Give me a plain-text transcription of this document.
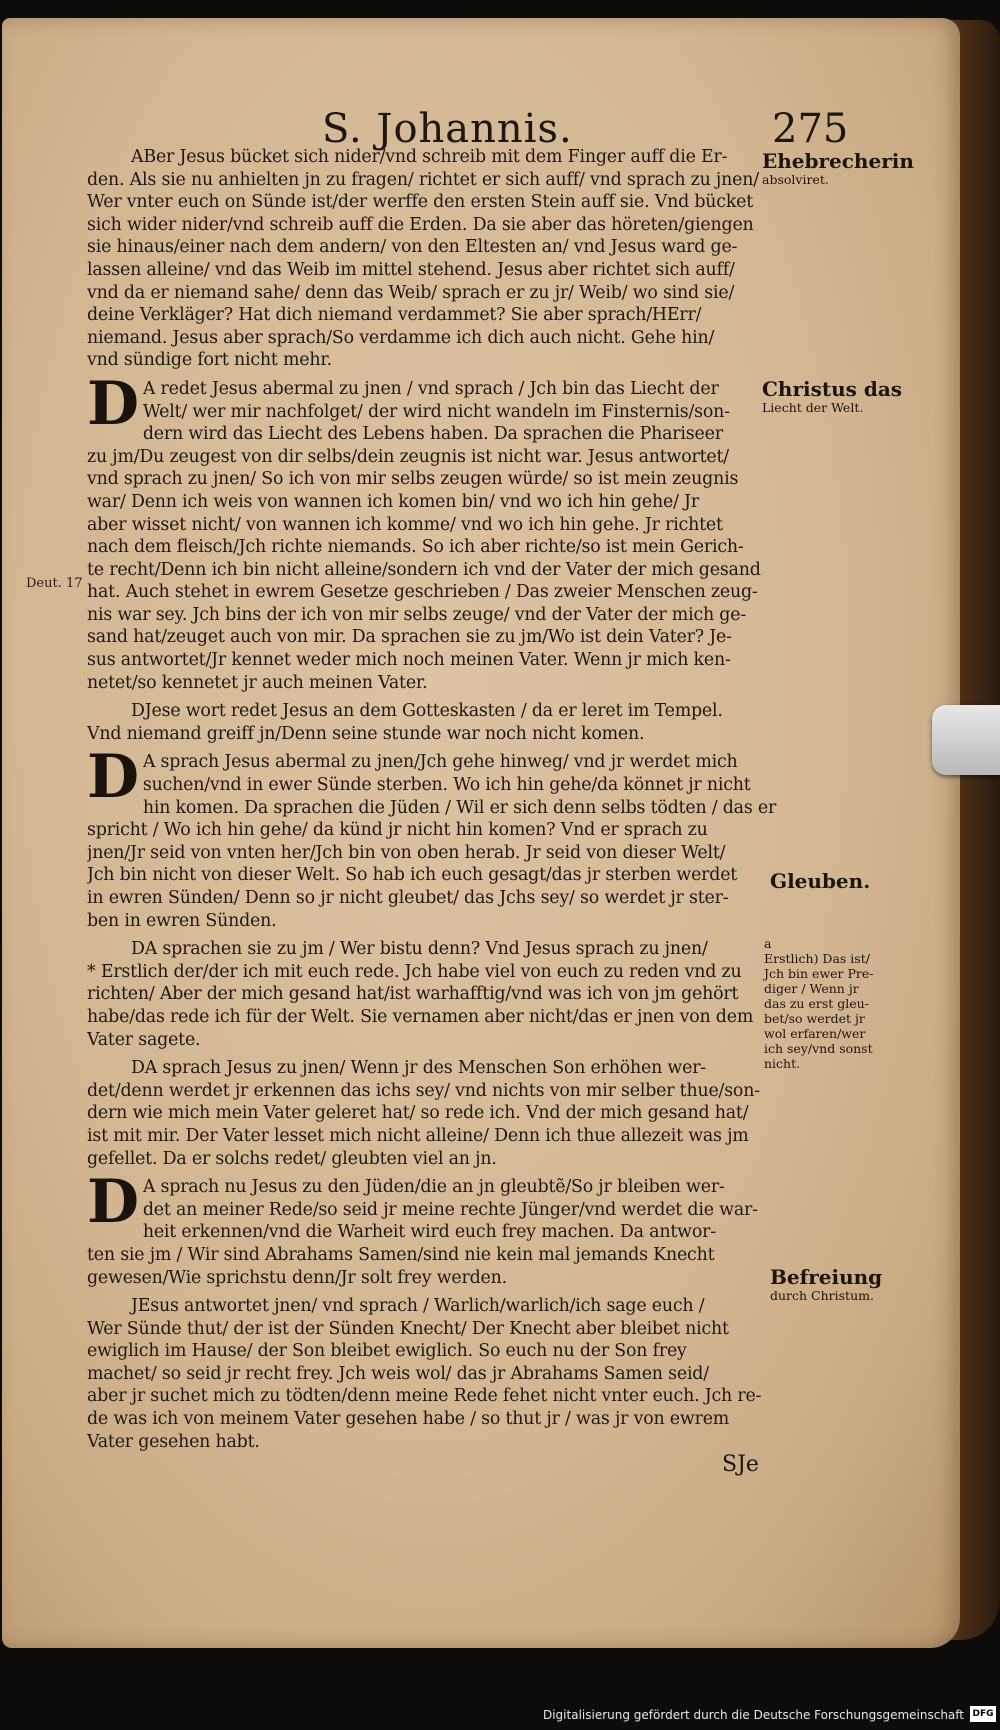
S. Johannis.	275
Deut. 17
ABer Jesus bücket sich nider/vnd schreib mit dem Finger auff die Er-
den. Als sie nu anhielten jn zu fragen/ richtet er sich auff/ vnd sprach zu jnen/
Wer vnter euch on Sünde ist/der werffe den ersten Stein auff sie. Vnd bücket
sich wider nider/vnd schreib auff die Erden. Da sie aber das höreten/giengen
sie hinaus/einer nach dem andern/ von den Eltesten an/ vnd Jesus ward ge-
lassen alleine/ vnd das Weib im mittel stehend. Jesus aber richtet sich auff/
vnd da er niemand sahe/ denn das Weib/ sprach er zu jr/ Weib/ wo sind sie/
deine Verkläger? Hat dich niemand verdammet? Sie aber sprach/HErr/
niemand. Jesus aber sprach/So verdamme ich dich auch nicht. Gehe hin/
vnd sündige fort nicht mehr.
D A redet Jesus abermal zu jnen / vnd sprach / Jch bin das Liecht der
Welt/ wer mir nachfolget/ der wird nicht wandeln im Finsternis/son-
dern wird das Liecht des Lebens haben. Da sprachen die Phariseer
zu jm/Du zeugest von dir selbs/dein zeugnis ist nicht war. Jesus antwortet/
vnd sprach zu jnen/ So ich von mir selbs zeugen würde/ so ist mein zeugnis
war/ Denn ich weis von wannen ich komen bin/ vnd wo ich hin gehe/ Jr
aber wisset nicht/ von wannen ich komme/ vnd wo ich hin gehe. Jr richtet
nach dem fleisch/Jch richte niemands. So ich aber richte/so ist mein Gerich-
te recht/Denn ich bin nicht alleine/sondern ich vnd der Vater der mich gesand
hat. Auch stehet in ewrem Gesetze geschrieben / Das zweier Menschen zeug-
nis war sey. Jch bins der ich von mir selbs zeuge/ vnd der Vater der mich ge-
sand hat/zeuget auch von mir. Da sprachen sie zu jm/Wo ist dein Vater? Je-
sus antwortet/Jr kennet weder mich noch meinen Vater. Wenn jr mich ken-
netet/so kennetet jr auch meinen Vater.
DJese wort redet Jesus an dem Gotteskasten / da er leret im Tempel.
Vnd niemand greiff jn/Denn seine stunde war noch nicht komen.
D A sprach Jesus abermal zu jnen/Jch gehe hinweg/ vnd jr werdet mich
suchen/vnd in ewer Sünde sterben. Wo ich hin gehe/da könnet jr nicht
hin komen. Da sprachen die Jüden / Wil er sich denn selbs tödten / das er
spricht / Wo ich hin gehe/ da künd jr nicht hin komen? Vnd er sprach zu
jnen/Jr seid von vnten her/Jch bin von oben herab. Jr seid von dieser Welt/
Jch bin nicht von dieser Welt. So hab ich euch gesagt/das jr sterben werdet
in ewren Sünden/ Denn so jr nicht gleubet/ das Jchs sey/ so werdet jr ster-
ben in ewren Sünden.
DA sprachen sie zu jm / Wer bistu denn? Vnd Jesus sprach zu jnen/
* Erstlich der/der ich mit euch rede. Jch habe viel von euch zu reden vnd zu
richten/ Aber der mich gesand hat/ist warhafftig/vnd was ich von jm gehört
habe/das rede ich für der Welt. Sie vernamen aber nicht/das er jnen von dem
Vater sagete.
DA sprach Jesus zu jnen/ Wenn jr des Menschen Son erhöhen wer-
det/denn werdet jr erkennen das ichs sey/ vnd nichts von mir selber thue/son-
dern wie mich mein Vater geleret hat/ so rede ich. Vnd der mich gesand hat/
ist mit mir. Der Vater lesset mich nicht alleine/ Denn ich thue allezeit was jm
gefellet. Da er solchs redet/ gleubten viel an jn.
D A sprach nu Jesus zu den Jüden/die an jn gleubtẽ/So jr bleiben wer-
det an meiner Rede/so seid jr meine rechte Jünger/vnd werdet die war-
heit erkennen/vnd die Warheit wird euch frey machen. Da antwor-
ten sie jm / Wir sind Abrahams Samen/sind nie kein mal jemands Knecht
gewesen/Wie sprichstu denn/Jr solt frey werden.
JEsus antwortet jnen/ vnd sprach / Warlich/warlich/ich sage euch /
Wer Sünde thut/ der ist der Sünden Knecht/ Der Knecht aber bleibet nicht
ewiglich im Hause/ der Son bleibet ewiglich. So euch nu der Son frey
machet/ so seid jr recht frey. Jch weis wol/ das jr Abrahams Samen seid/
aber jr suchet mich zu tödten/denn meine Rede fehet nicht vnter euch. Jch re-
de was ich von meinem Vater gesehen habe / so thut jr / was jr von ewrem
Vater gesehen habt.
Ehebrecherin
absolviret.
Christus das
Liecht der Welt.
Gleuben.
a
Erstlich) Das ist/
Jch bin ewer Pre-
diger / Wenn jr
das zu erst gleu-
bet/so werdet jr
wol erfaren/wer
ich sey/vnd sonst
nicht.
Befreiung
durch Christum.
SJe
Digitalisierung gefördert durch die Deutsche Forschungsgemeinschaft DFG
